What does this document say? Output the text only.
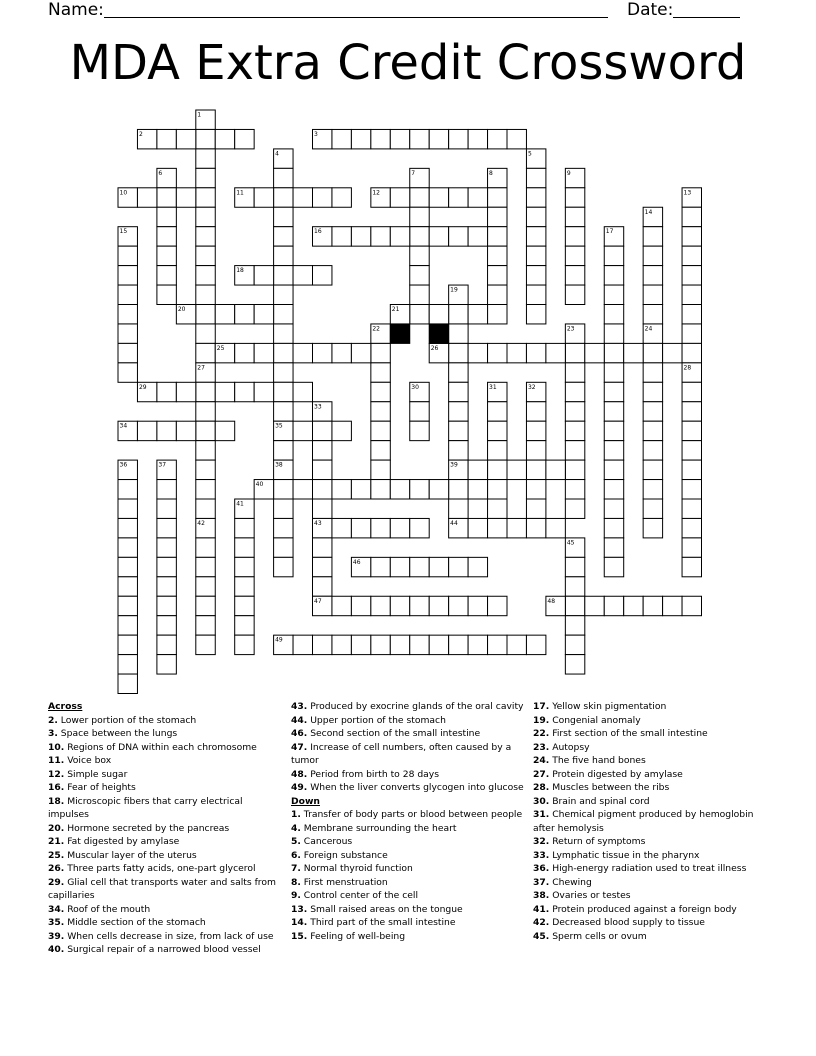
Name:	Date:
MDA Extra Credit Crossword
1
2	3
4	5
6	7	8	9
10	11	12	13
14
15	16	17
18
19
20	21
22	23	24
25	26
27	28
29	30	31	32
33
34	35
36	37	38	39
40
41
42	43	44
45
46
47	48
49
Across
2. Lower portion of the stomach
3. Space between the lungs
10. Regions of DNA within each chromosome
11. Voice box
12. Simple sugar
16. Fear of heights
18. Microscopic fibers that carry electrical impulses
20. Hormone secreted by the pancreas
21. Fat digested by amylase
25. Muscular layer of the uterus
26. Three parts fatty acids, one-part glycerol
29. Glial cell that transports water and salts from capillaries
34. Roof of the mouth
35. Middle section of the stomach
39. When cells decrease in size, from lack of use
40. Surgical repair of a narrowed blood vessel
43. Produced by exocrine glands of the oral cavity
44. Upper portion of the stomach
46. Second section of the small intestine
47. Increase of cell numbers, often caused by a tumor
48. Period from birth to 28 days
49. When the liver converts glycogen into glucose
Down
1. Transfer of body parts or blood between people
4. Membrane surrounding the heart
5. Cancerous
6. Foreign substance
7. Normal thyroid function
8. First menstruation
9. Control center of the cell
13. Small raised areas on the tongue
14. Third part of the small intestine
15. Feeling of well-being
17. Yellow skin pigmentation
19. Congenial anomaly
22. First section of the small intestine
23. Autopsy
24. The five hand bones
27. Protein digested by amylase
28. Muscles between the ribs
30. Brain and spinal cord
31. Chemical pigment produced by hemoglobin after hemolysis
32. Return of symptoms
33. Lymphatic tissue in the pharynx
36. High-energy radiation used to treat illness
37. Chewing
38. Ovaries or testes
41. Protein produced against a foreign body
42. Decreased blood supply to tissue
45. Sperm cells or ovum
